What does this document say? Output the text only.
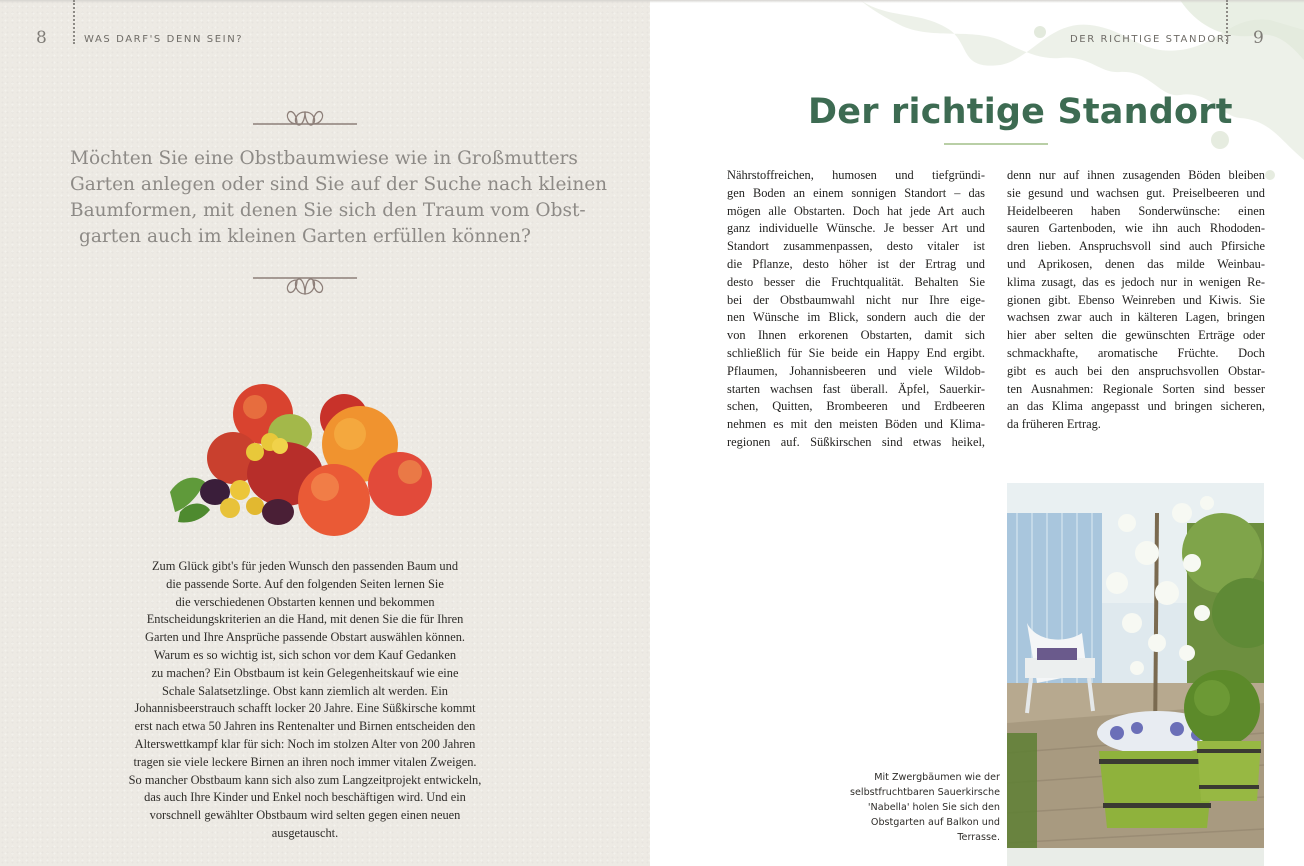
8	WAS DARF'S DENN SEIN?
Möchten Sie eine Obstbaumwiese wie in Großmutters
Garten anlegen oder sind Sie auf der Suche nach kleinen
Baumformen, mit denen Sie sich den Traum vom Obst-
garten auch im kleinen Garten erfüllen können?
Zum Glück gibt's für jeden Wunsch den passenden Baum und
die passende Sorte. Auf den folgenden Seiten lernen Sie
die verschiedenen Obstarten kennen und bekommen
Entscheidungskriterien an die Hand, mit denen Sie die für Ihren
Garten und Ihre Ansprüche passende Obstart auswählen können.
Warum es so wichtig ist, sich schon vor dem Kauf Gedanken
zu machen? Ein Obstbaum ist kein Gelegenheitskauf wie eine
Schale Salatsetzlinge. Obst kann ziemlich alt werden. Ein
Johannisbeerstrauch schafft locker 20 Jahre. Eine Süßkirsche kommt
erst nach etwa 50 Jahren ins Rentenalter und Birnen entscheiden den
Alterswettkampf klar für sich: Noch im stolzen Alter von 200 Jahren
tragen sie viele leckere Birnen an ihren noch immer vitalen Zweigen.
So mancher Obstbaum kann sich also zum Langzeitprojekt entwickeln,
das auch Ihre Kinder und Enkel noch beschäftigen wird. Und ein
vorschnell gewählter Obstbaum wird selten gegen einen neuen
ausgetauscht.
DER RICHTIGE STANDORT 9
Der richtige Standort
Nährstoffreichen, humosen und tiefgründi-
gen Boden an einem sonnigen Standort – das
mögen alle Obstarten. Doch hat jede Art auch
ganz individuelle Wünsche. Je besser Art und
Standort zusammenpassen, desto vitaler ist
die Pflanze, desto höher ist der Ertrag und
desto besser die Fruchtqualität. Behalten Sie
bei der Obstbaumwahl nicht nur Ihre eige-
nen Wünsche im Blick, sondern auch die der
von Ihnen erkorenen Obstarten, damit sich
schließlich für Sie beide ein Happy End ergibt.
Pflaumen, Johannisbeeren und viele Wildob-
starten wachsen fast überall. Äpfel, Sauerkir-
schen, Quitten, Brombeeren und Erdbeeren
nehmen es mit den meisten Böden und Klima-
regionen auf. Süßkirschen sind etwas heikel,
denn nur auf ihnen zusagenden Böden bleiben
sie gesund und wachsen gut. Preiselbeeren und
Heidelbeeren haben Sonderwünsche: einen
sauren Gartenboden, wie ihn auch Rhododen-
dren lieben. Anspruchsvoll sind auch Pfirsiche
und Aprikosen, denen das milde Weinbau-
klima zusagt, das es jedoch nur in wenigen Re-
gionen gibt. Ebenso Weinreben und Kiwis. Sie
wachsen zwar auch in kälteren Lagen, bringen
hier aber selten die gewünschten Erträge oder
schmackhafte, aromatische Früchte. Doch
gibt es auch bei den anspruchsvollen Obstar-
ten Ausnahmen: Regionale Sorten sind besser
an das Klima angepasst und bringen sicheren,
da früheren Ertrag.
Mit Zwergbäumen wie der
selbstfruchtbaren Sauerkirsche
'Nabella' holen Sie sich den
Obstgarten auf Balkon und
Terrasse.
